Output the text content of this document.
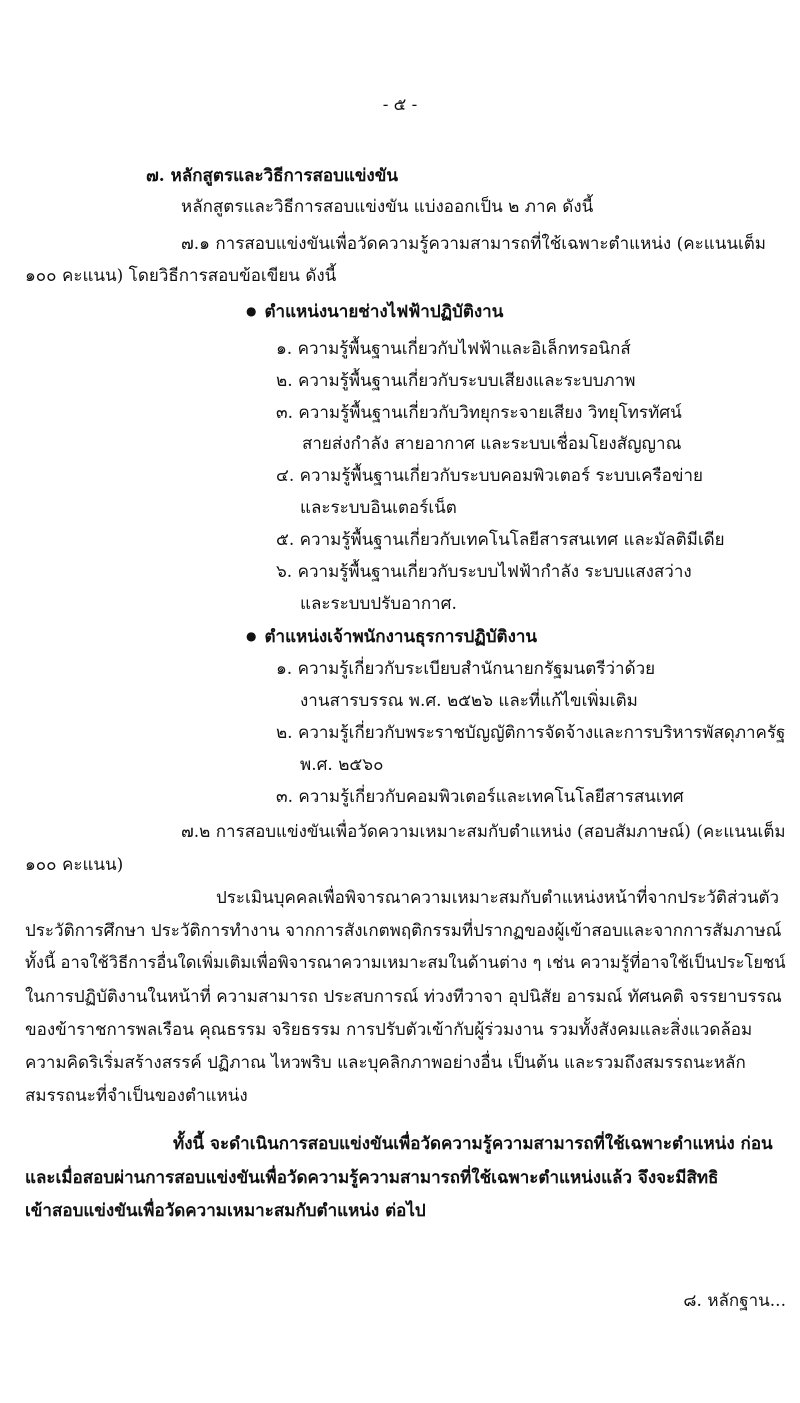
- ๕ -
๗. หลักสูตรและวิธีการสอบแข่งขัน
หลักสูตรและวิธีการสอบแข่งขัน แบ่งออกเป็น ๒ ภาค ดังนี้
๗.๑ การสอบแข่งขันเพื่อวัดความรู้ความสามารถที่ใช้เฉพาะตำแหน่ง (คะแนนเต็ม
๑๐๐ คะแนน) โดยวิธีการสอบข้อเขียน ดังนี้
● ตำแหน่งนายช่างไฟฟ้าปฏิบัติงาน
๑. ความรู้พื้นฐานเกี่ยวกับไฟฟ้าและอิเล็กทรอนิกส์
๒. ความรู้พื้นฐานเกี่ยวกับระบบเสียงและระบบภาพ
๓. ความรู้พื้นฐานเกี่ยวกับวิทยุกระจายเสียง วิทยุโทรทัศน์
สายส่งกำลัง สายอากาศ และระบบเชื่อมโยงสัญญาณ
๔. ความรู้พื้นฐานเกี่ยวกับระบบคอมพิวเตอร์ ระบบเครือข่าย
และระบบอินเตอร์เน็ต
๕. ความรู้พื้นฐานเกี่ยวกับเทคโนโลยีสารสนเทศ และมัลติมีเดีย
๖. ความรู้พื้นฐานเกี่ยวกับระบบไฟฟ้ากำลัง ระบบแสงสว่าง
และระบบปรับอากาศ.
● ตำแหน่งเจ้าพนักงานธุรการปฏิบัติงาน
๑. ความรู้เกี่ยวกับระเบียบสำนักนายกรัฐมนตรีว่าด้วย
งานสารบรรณ พ.ศ. ๒๕๒๖ และที่แก้ไขเพิ่มเติม
๒. ความรู้เกี่ยวกับพระราชบัญญัติการจัดจ้างและการบริหารพัสดุภาครัฐ
พ.ศ. ๒๕๖๐
๓. ความรู้เกี่ยวกับคอมพิวเตอร์และเทคโนโลยีสารสนเทศ
๗.๒ การสอบแข่งขันเพื่อวัดความเหมาะสมกับตำแหน่ง (สอบสัมภาษณ์) (คะแนนเต็ม
๑๐๐ คะแนน)
ประเมินบุคคลเพื่อพิจารณาความเหมาะสมกับตำแหน่งหน้าที่จากประวัติส่วนตัว
ประวัติการศึกษา ประวัติการทำงาน จากการสังเกตพฤติกรรมที่ปรากฏของผู้เข้าสอบและจากการสัมภาษณ์
ทั้งนี้ อาจใช้วิธีการอื่นใดเพิ่มเติมเพื่อพิจารณาความเหมาะสมในด้านต่าง ๆ เช่น ความรู้ที่อาจใช้เป็นประโยชน์
ในการปฏิบัติงานในหน้าที่ ความสามารถ ประสบการณ์ ท่วงทีวาจา อุปนิสัย อารมณ์ ทัศนคติ จรรยาบรรณ
ของข้าราชการพลเรือน คุณธรรม จริยธรรม การปรับตัวเข้ากับผู้ร่วมงาน รวมทั้งสังคมและสิ่งแวดล้อม
ความคิดริเริ่มสร้างสรรค์ ปฏิภาณ ไหวพริบ และบุคลิกภาพอย่างอื่น เป็นต้น และรวมถึงสมรรถนะหลัก
สมรรถนะที่จำเป็นของตำแหน่ง
ทั้งนี้ จะดำเนินการสอบแข่งขันเพื่อวัดความรู้ความสามารถที่ใช้เฉพาะตำแหน่ง ก่อน
และเมื่อสอบผ่านการสอบแข่งขันเพื่อวัดความรู้ความสามารถที่ใช้เฉพาะตำแหน่งแล้ว จึงจะมีสิทธิ
เข้าสอบแข่งขันเพื่อวัดความเหมาะสมกับตำแหน่ง ต่อไป
๘. หลักฐาน...
